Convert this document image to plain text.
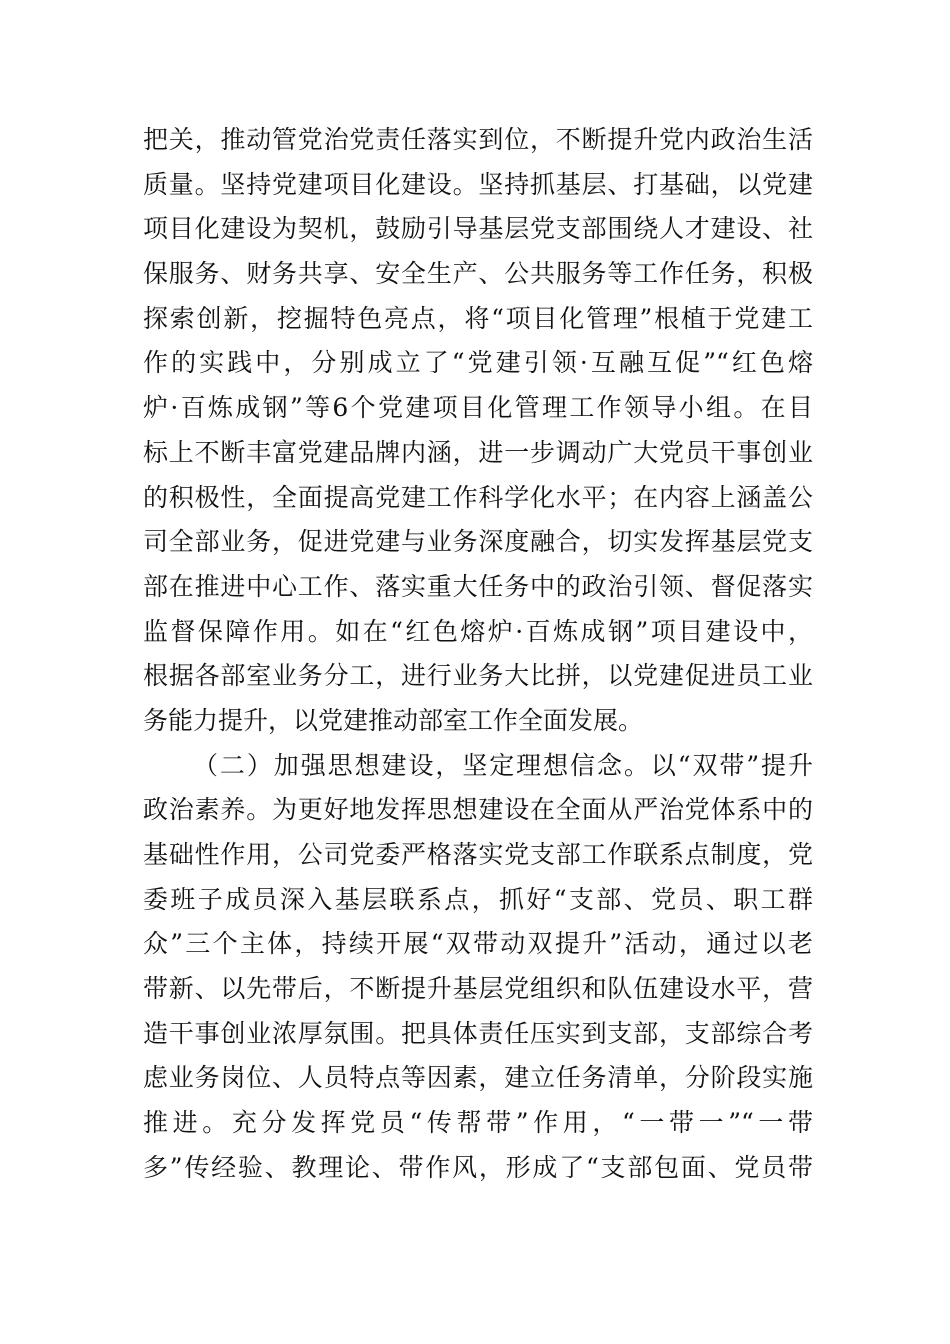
把关，推动管党治党责任落实到位，不断提升党内政治生活
质量。坚持党建项目化建设。坚持抓基层、打基础，以党建
项目化建设为契机，鼓励引导基层党支部围绕人才建设、社
保服务、财务共享、安全生产、公共服务等工作任务，积极
探索创新，挖掘特色亮点，将“项目化管理”根植于党建工
作的实践中，分别成立了“党建引领·互融互促”“红色熔
炉·百炼成钢”等6个党建项目化管理工作领导小组。在目
标上不断丰富党建品牌内涵，进一步调动广大党员干事创业
的积极性，全面提高党建工作科学化水平；在内容上涵盖公
司全部业务，促进党建与业务深度融合，切实发挥基层党支
部在推进中心工作、落实重大任务中的政治引领、督促落实
监督保障作用。如在“红色熔炉·百炼成钢”项目建设中，
根据各部室业务分工，进行业务大比拼，以党建促进员工业
务能力提升，以党建推动部室工作全面发展。
（二）加强思想建设，坚定理想信念。以“双带”提升
政治素养。为更好地发挥思想建设在全面从严治党体系中的
基础性作用，公司党委严格落实党支部工作联系点制度，党
委班子成员深入基层联系点，抓好“支部、党员、职工群
众”三个主体，持续开展“双带动双提升”活动，通过以老
带新、以先带后，不断提升基层党组织和队伍建设水平，营
造干事创业浓厚氛围。把具体责任压实到支部，支部综合考
虑业务岗位、人员特点等因素，建立任务清单，分阶段实施
推进。充分发挥党员“传帮带”作用，“一带一”“一带
多”传经验、教理论、带作风，形成了“支部包面、党员带
